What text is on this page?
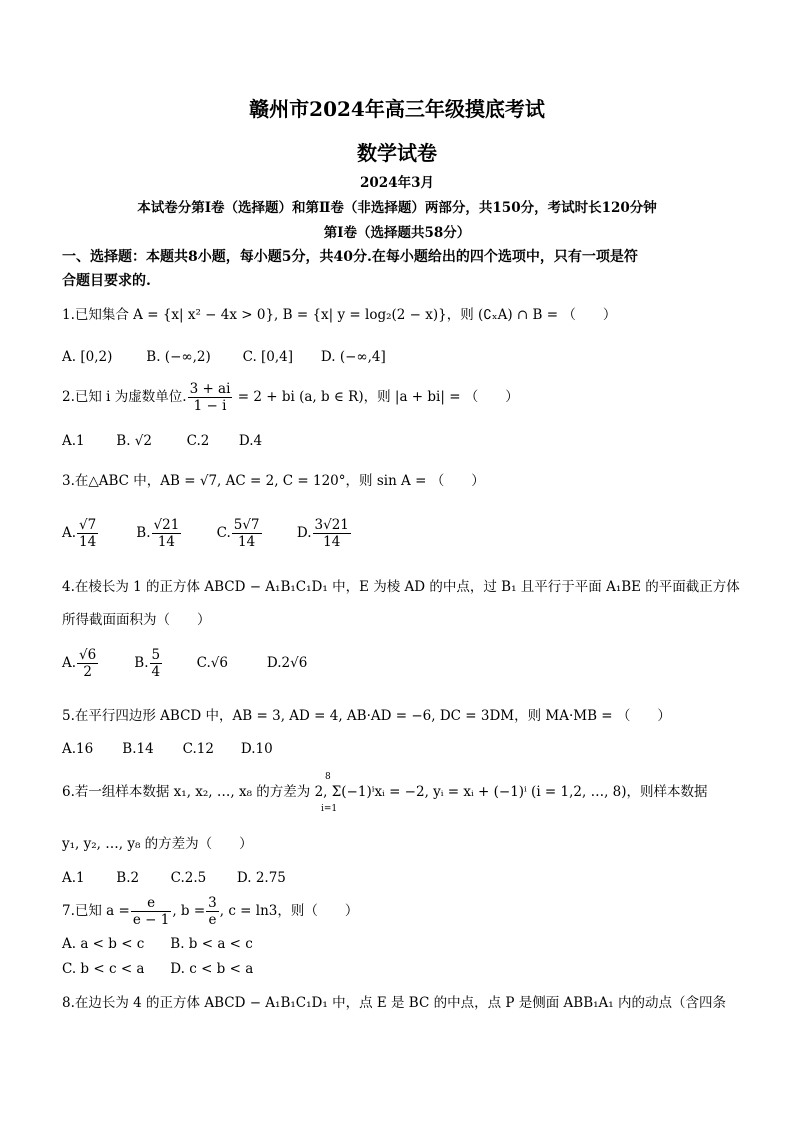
赣州市2024年高三年级摸底考试
数学试卷
2024年3月
本试卷分第Ⅰ卷（选择题）和第Ⅱ卷（非选择题）两部分，共150分，考试时长120分钟
第Ⅰ卷（选择题共58分）
一、选择题：本题共8小题，每小题5分，共40分.在每小题给出的四个选项中，只有一项是符
合题目要求的.
1.已知集合 A = {x| x² − 4x > 0}, B = {x| y = log₂(2 − x)}，则 (∁ₓA) ∩ B = （　　）
A. [0,2)	B. (−∞,2) C. [0,4] D. (−∞,4]
2.已知 i 为虚数单位. $\frac{3 + ai}{1 - i} = 2$ + bi (a, b ∈ R)，则 |a + bi| = （　　）
A.1 B. √2	C.2 D.4
3.在△ABC 中，AB = √7, AC = 2, C = 120°，则 sin A = （　　）
A. $\frac{√7}{14}$	B. $\frac{√21}{14}$	C. $\frac{5√7}{14}$	D. $\frac{3√21}{14}$
4.在棱长为 1 的正方体 ABCD − A₁B₁C₁D₁ 中，E 为棱 AD 的中点，过 B₁ 且平行于平面 A₁BE 的平面截正方体
所得截面面积为（　　）
A. $\frac{√6}{2}$	B. $\frac{5}{4}$	C.√6	D.2√6
5.在平行四边形 ABCD 中，AB = 3, AD = 4, AB·AD = −6, DC = 3DM，则 MA·MB = （　　）
A.16 B.14 C.12 D.10
6.若一组样本数据 x₁, x₂, …, x₈ 的方差为 2, Σ(−1)ⁱxᵢ = −2, yᵢ = xᵢ + (−1)ⁱ (i = 1,2, …, 8)，则样本数据
8
i=1
y₁, y₂, …, y₈ 的方差为（　　）
A.1 B.2 C.2.5 D. 2.75
7.已知 $a = \frac{e}{e - 1}$ , $b = \frac{3}{e}$ , c = ln3，则（　　）
A. a < b < c B. b < a < c
C. b < c < a D. c < b < a
8.在边长为 4 的正方体 ABCD − A₁B₁C₁D₁ 中，点 E 是 BC 的中点，点 P 是侧面 ABB₁A₁ 内的动点（含四条
